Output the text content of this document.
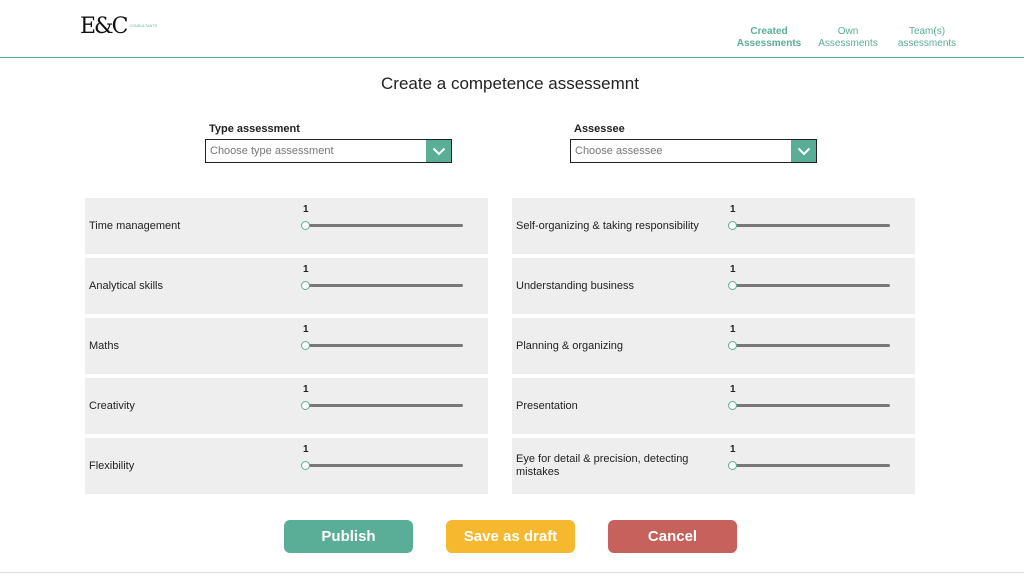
E&C CONSULTANTS	Created
Assessments
Own
Assessments
Team(s)
assessments
Create a competence assessemnt
Type assessment
Choose type assessment
Assessee
Choose assessee
Time management
1
Analytical skills
1
Maths
1
Creativity
1
Flexibility
1
Self-organizing & taking responsibility
1
Understanding business
1
Planning & organizing
1
Presentation
1
Eye for detail & precision, detecting mistakes
1
Publish	Save as draft	Cancel
